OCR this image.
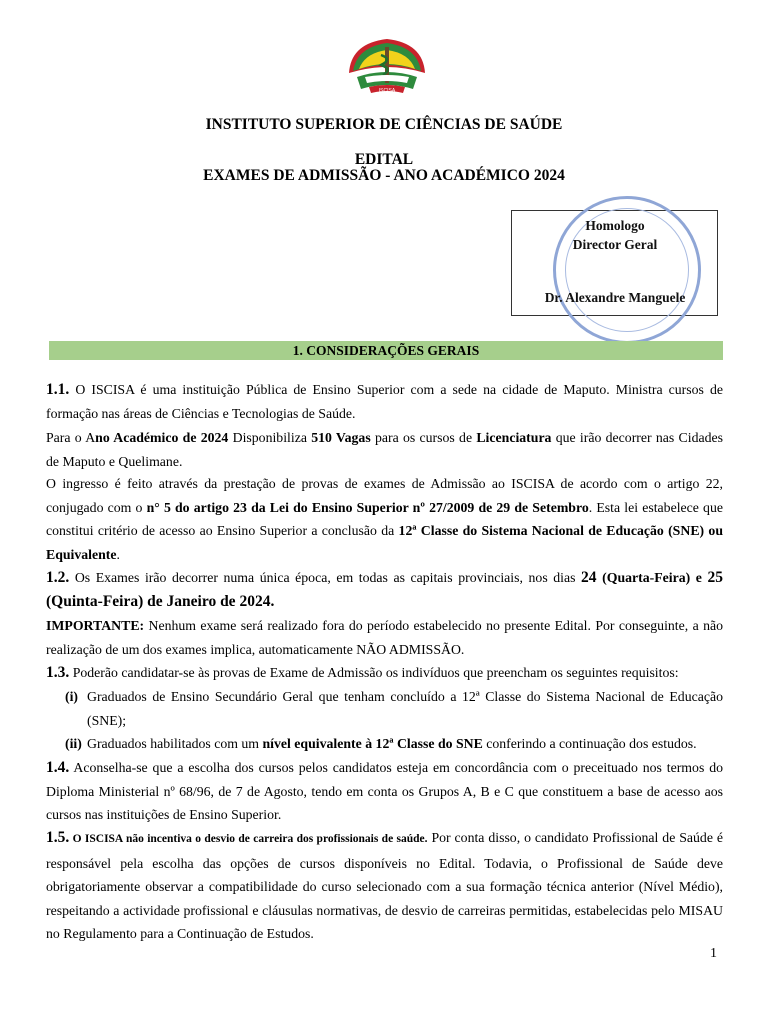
ISCISA
INSTITUTO SUPERIOR DE CIÊNCIAS DE SAÚDE
EDITAL
EXAMES DE ADMISSÃO - ANO ACADÉMICO 2024
Homologo
Director Geral
Dr. Alexandre Manguele
1. CONSIDERAÇÕES GERAIS
1.1. O ISCISA é uma instituição Pública de Ensino Superior com a sede na cidade de Maputo. Ministra cursos de formação nas áreas de Ciências e Tecnologias de Saúde.
Para o Ano Académico de 2024 Disponibiliza 510 Vagas para os cursos de Licenciatura que irão decorrer nas Cidades de Maputo e Quelimane.
O ingresso é feito através da prestação de provas de exames de Admissão ao ISCISA de acordo com o artigo 22, conjugado com o n° 5 do artigo 23 da Lei do Ensino Superior nº 27/2009 de 29 de Setembro. Esta lei estabelece que constitui critério de acesso ao Ensino Superior a conclusão da 12ª Classe do Sistema Nacional de Educação (SNE) ou Equivalente.
1.2. Os Exames irão decorrer numa única época, em todas as capitais provinciais, nos dias 24 (Quarta-Feira) e 25 (Quinta-Feira) de Janeiro de 2024.
IMPORTANTE: Nenhum exame será realizado fora do período estabelecido no presente Edital. Por conseguinte, a não realização de um dos exames implica, automaticamente NÃO ADMISSÃO.
1.3. Poderão candidatar-se às provas de Exame de Admissão os indivíduos que preencham os seguintes requisitos:
(i) Graduados de Ensino Secundário Geral que tenham concluído a 12ª Classe do Sistema Nacional de Educação (SNE);
(ii) Graduados habilitados com um nível equivalente à 12ª Classe do SNE conferindo a continuação dos estudos.
1.4. Aconselha-se que a escolha dos cursos pelos candidatos esteja em concordância com o preceituado nos termos do Diploma Ministerial nº 68/96, de 7 de Agosto, tendo em conta os Grupos A, B e C que constituem a base de acesso aos cursos nas instituições de Ensino Superior.
1.5. O ISCISA não incentiva o desvio de carreira dos profissionais de saúde. Por conta disso, o candidato Profissional de Saúde é responsável pela escolha das opções de cursos disponíveis no Edital. Todavia, o Profissional de Saúde deve obrigatoriamente observar a compatibilidade do curso selecionado com a sua formação técnica anterior (Nível Médio), respeitando a actividade profissional e cláusulas normativas, de desvio de carreiras permitidas, estabelecidas pelo MISAU no Regulamento para a Continuação de Estudos.
1
